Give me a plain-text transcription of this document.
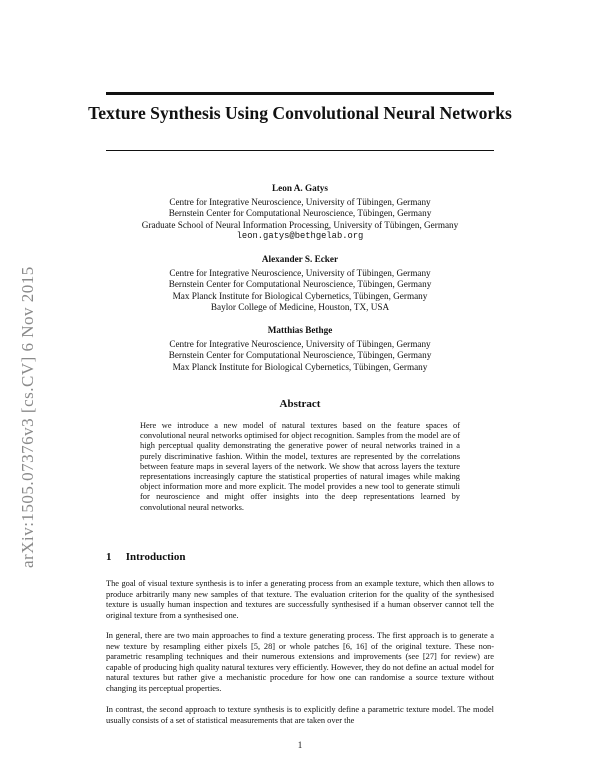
arXiv:1505.07376v3 [cs.CV] 6 Nov 2015
Texture Synthesis Using Convolutional Neural Networks
Leon A. Gatys
Centre for Integrative Neuroscience, University of Tübingen, Germany
Bernstein Center for Computational Neuroscience, Tübingen, Germany
Graduate School of Neural Information Processing, University of Tübingen, Germany
leon.gatys@bethgelab.org
Alexander S. Ecker
Centre for Integrative Neuroscience, University of Tübingen, Germany
Bernstein Center for Computational Neuroscience, Tübingen, Germany
Max Planck Institute for Biological Cybernetics, Tübingen, Germany
Baylor College of Medicine, Houston, TX, USA
Matthias Bethge
Centre for Integrative Neuroscience, University of Tübingen, Germany
Bernstein Center for Computational Neuroscience, Tübingen, Germany
Max Planck Institute for Biological Cybernetics, Tübingen, Germany
Abstract
Here we introduce a new model of natural textures based on the feature spaces of convolutional neural networks optimised for object recognition. Samples from the model are of high perceptual quality demonstrating the generative power of neural networks trained in a purely discriminative fashion. Within the model, textures are represented by the correlations between feature maps in several layers of the network. We show that across layers the texture representations increasingly capture the statistical properties of natural images while making object information more and more explicit. The model provides a new tool to generate stimuli for neuroscience and might offer insights into the deep representations learned by convolutional neural networks.
1 Introduction
The goal of visual texture synthesis is to infer a generating process from an example texture, which then allows to produce arbitrarily many new samples of that texture. The evaluation criterion for the quality of the synthesised texture is usually human inspection and textures are successfully synthesised if a human observer cannot tell the original texture from a synthesised one.
In general, there are two main approaches to find a texture generating process. The first approach is to generate a new texture by resampling either pixels [5, 28] or whole patches [6, 16] of the original texture. These non-parametric resampling techniques and their numerous extensions and improvements (see [27] for review) are capable of producing high quality natural textures very efficiently. However, they do not define an actual model for natural textures but rather give a mechanistic procedure for how one can randomise a source texture without changing its perceptual properties.
In contrast, the second approach to texture synthesis is to explicitly define a parametric texture model. The model usually consists of a set of statistical measurements that are taken over the
1
